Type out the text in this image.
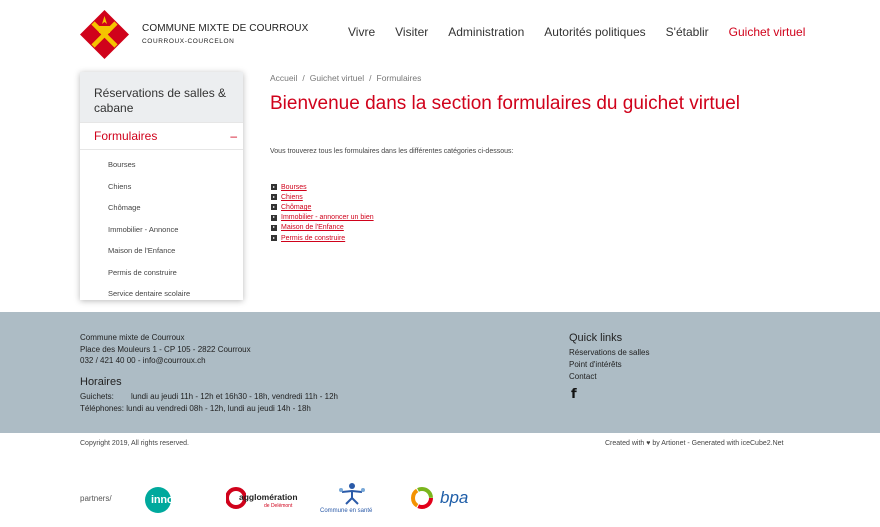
COMMUNE MIXTE DE COURROUX
COURROUX-COURCELON
Vivre Visiter Administration Autorités politiques S'établir Guichet virtuel
Réservations de salles & cabane
Formulaires	–
Bourses
Chiens
Chômage
Immobilier - Annonce
Maison de l'Enfance
Permis de construire
Service dentaire scolaire
Accueil / Guichet virtuel / Formulaires
Bienvenue dans la section formulaires du guichet virtuel

Vous trouverez tous les formulaires dans les différentes catégories ci-dessous:

Bourses
Chiens
Chômage
Immobilier - annoncer un bien
Maison de l'Enfance
Permis de construire
Commune mixte de Courroux
Place des Mouleurs 1 - CP 105 - 2822 Courroux
032 / 421 40 00 - info@courroux.ch
Horaires
Guichets: lundi au jeudi 11h - 12h et 16h30 - 18h, vendredi 11h - 12h
Téléphones: lundi au vendredi 08h - 12h, lundi au jeudi 14h - 18h
Quick links
Réservations de salles
Point d'intérêts
Contact
f
Copyright 2019, All rights reserved.	Created with ♥ by Artionet - Generated with iceCube2.Net
partners/	innodel	agglomération
de Delémont
Commune en santé
bpa
